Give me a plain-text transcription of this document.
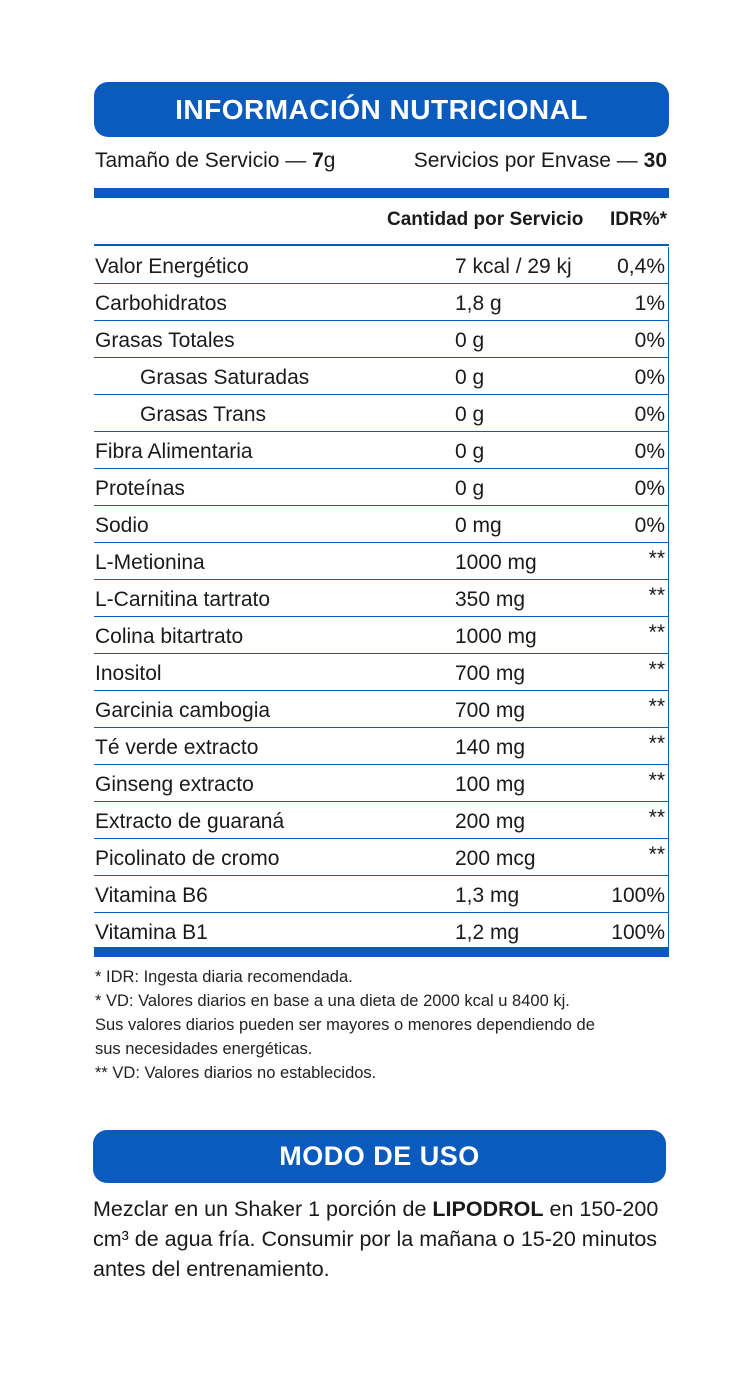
INFORMACIÓN NUTRICIONAL
Tamaño de Servicio — 7g	Servicios por Envase — 30
Cantidad por Servicio IDR%*
Valor Energético	7 kcal / 29 kj 0,4%
Carbohidratos	1,8 g	1%
Grasas Totales	0 g	0%
Grasas Saturadas	0 g	0%
Grasas Trans	0 g	0%
Fibra Alimentaria	0 g	0%
Proteínas	0 g	0%
Sodio	0 mg	0%
L-Metionina	1000 mg	**
L-Carnitina tartrato	350 mg	**
Colina bitartrato	1000 mg	**
Inositol	700 mg	**
Garcinia cambogia	700 mg	**
Té verde extracto	140 mg	**
Ginseng extracto	100 mg	**
Extracto de guaraná	200 mg	**
Picolinato de cromo	200 mcg	**
Vitamina B6	1,3 mg	100%
Vitamina B1	1,2 mg	100%
* IDR: Ingesta diaria recomendada.
* VD: Valores diarios en base a una dieta de 2000 kcal u 8400 kj.
Sus valores diarios pueden ser mayores o menores dependiendo de
sus necesidades energéticas.
** VD: Valores diarios no establecidos.
MODO DE USO
Mezclar en un Shaker 1 porción de LIPODROL en 150-200
cm³ de agua fría. Consumir por la mañana o 15-20 minutos
antes del entrenamiento.
